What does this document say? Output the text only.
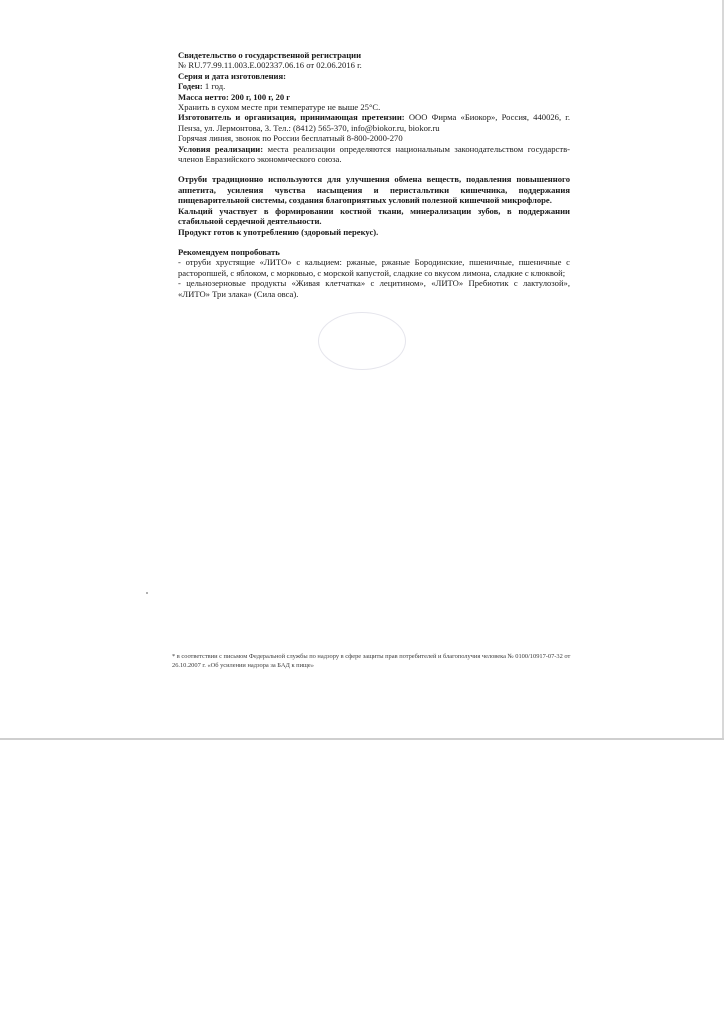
Свидетельство о государственной регистрации

№ RU.77.99.11.003.E.002337.06.16 от 02.06.2016 г.

Серия и дата изготовления:

Годен: 1 год.

Масса нетто: 200 г, 100 г, 20 г

Хранить в сухом месте при температуре не выше 25°С.

Изготовитель и организация, принимающая претензии: ООО Фирма «Биокор», Россия, 440026, г. Пенза, ул. Лермонтова, 3. Тел.: (8412) 565-370, info@biokor.ru, biokor.ru

Горячая линия, звонок по России бесплатный 8-800-2000-270

Условия реализации: места реализации определяются национальным законодательством государств-членов Евразийского экономического союза.

Отруби традиционно используются для улучшения обмена веществ, подавления повышенного аппетита, усиления чувства насыщения и перистальтики кишечника, поддержания пищеварительной системы, создания благоприятных условий полезной кишечной микрофлоре.

Кальций участвует в формировании костной ткани, минерализации зубов, в поддержании стабильной сердечной деятельности.

Продукт готов к употреблению (здоровый перекус).

Рекомендуем попробовать

- отруби хрустящие «ЛИТО» с кальцием: ржаные, ржаные Бородинские, пшеничные, пшеничные с расторопшей, с яблоком, с морковью, с морской капустой, сладкие со вкусом лимона, сладкие с клюквой;

- цельнозерновые продукты «Живая клетчатка» с лецитином», «ЛИТО» Пребиотик с лактулозой», «ЛИТО» Три злака» (Сила овса).

* в соответствии с письмом Федеральной службы по надзору в сфере защиты прав потребителей и благополучия человека № 0100/10917-07-32 от 26.10.2007 г. «Об усилении надзора за БАД к пище»
